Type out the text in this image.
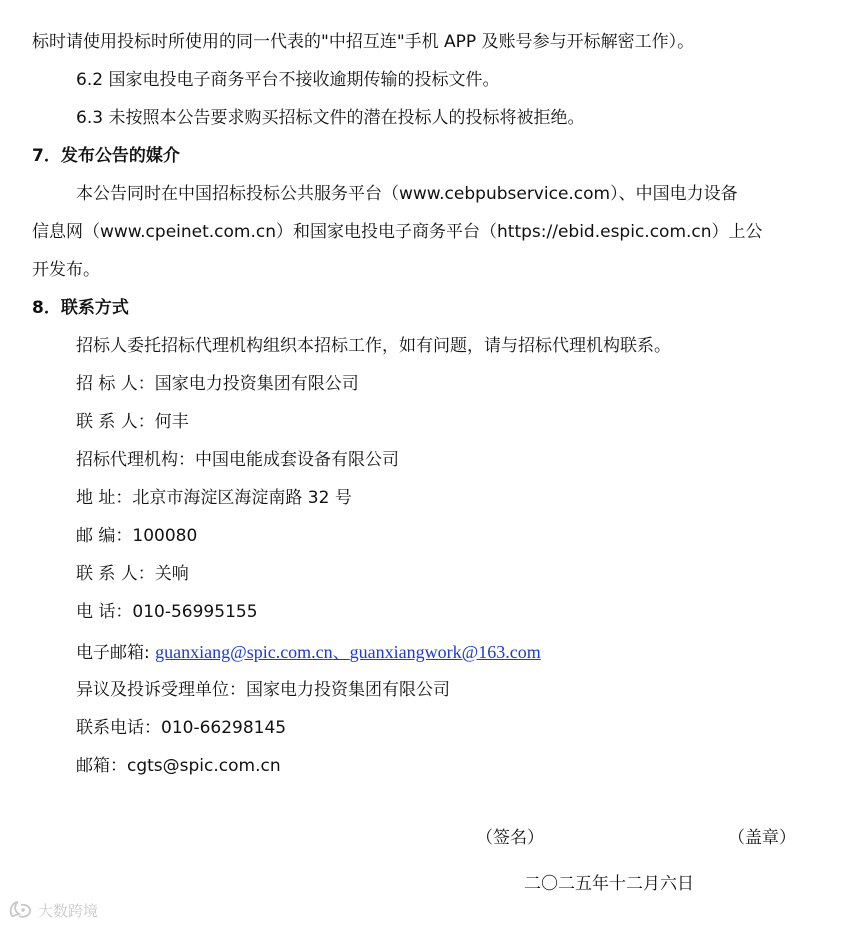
标时请使用投标时所使用的同一代表的"中招互连"手机 APP 及账号参与开标解密工作）。
6.2 国家电投电子商务平台不接收逾期传输的投标文件。
6.3 未按照本公告要求购买招标文件的潜在投标人的投标将被拒绝。
7．发布公告的媒介
本公告同时在中国招标投标公共服务平台（www.cebpubservice.com）、中国电力设备
信息网（www.cpeinet.com.cn）和国家电投电子商务平台（https://ebid.espic.com.cn）上公
开发布。
8．联系方式
招标人委托招标代理机构组织本招标工作，如有问题，请与招标代理机构联系。
招 标 人：国家电力投资集团有限公司
联 系 人：何丰
招标代理机构：中国电能成套设备有限公司
地 址：北京市海淀区海淀南路 32 号
邮 编：100080
联 系 人：关响
电 话：010-56995155
电子邮箱: guanxiang@spic.com.cn、guanxiangwork@163.com
异议及投诉受理单位：国家电力投资集团有限公司
联系电话：010-66298145
邮箱：cgts@spic.com.cn
（签名）	（盖章）
二〇二五年十二月六日
大数跨境
